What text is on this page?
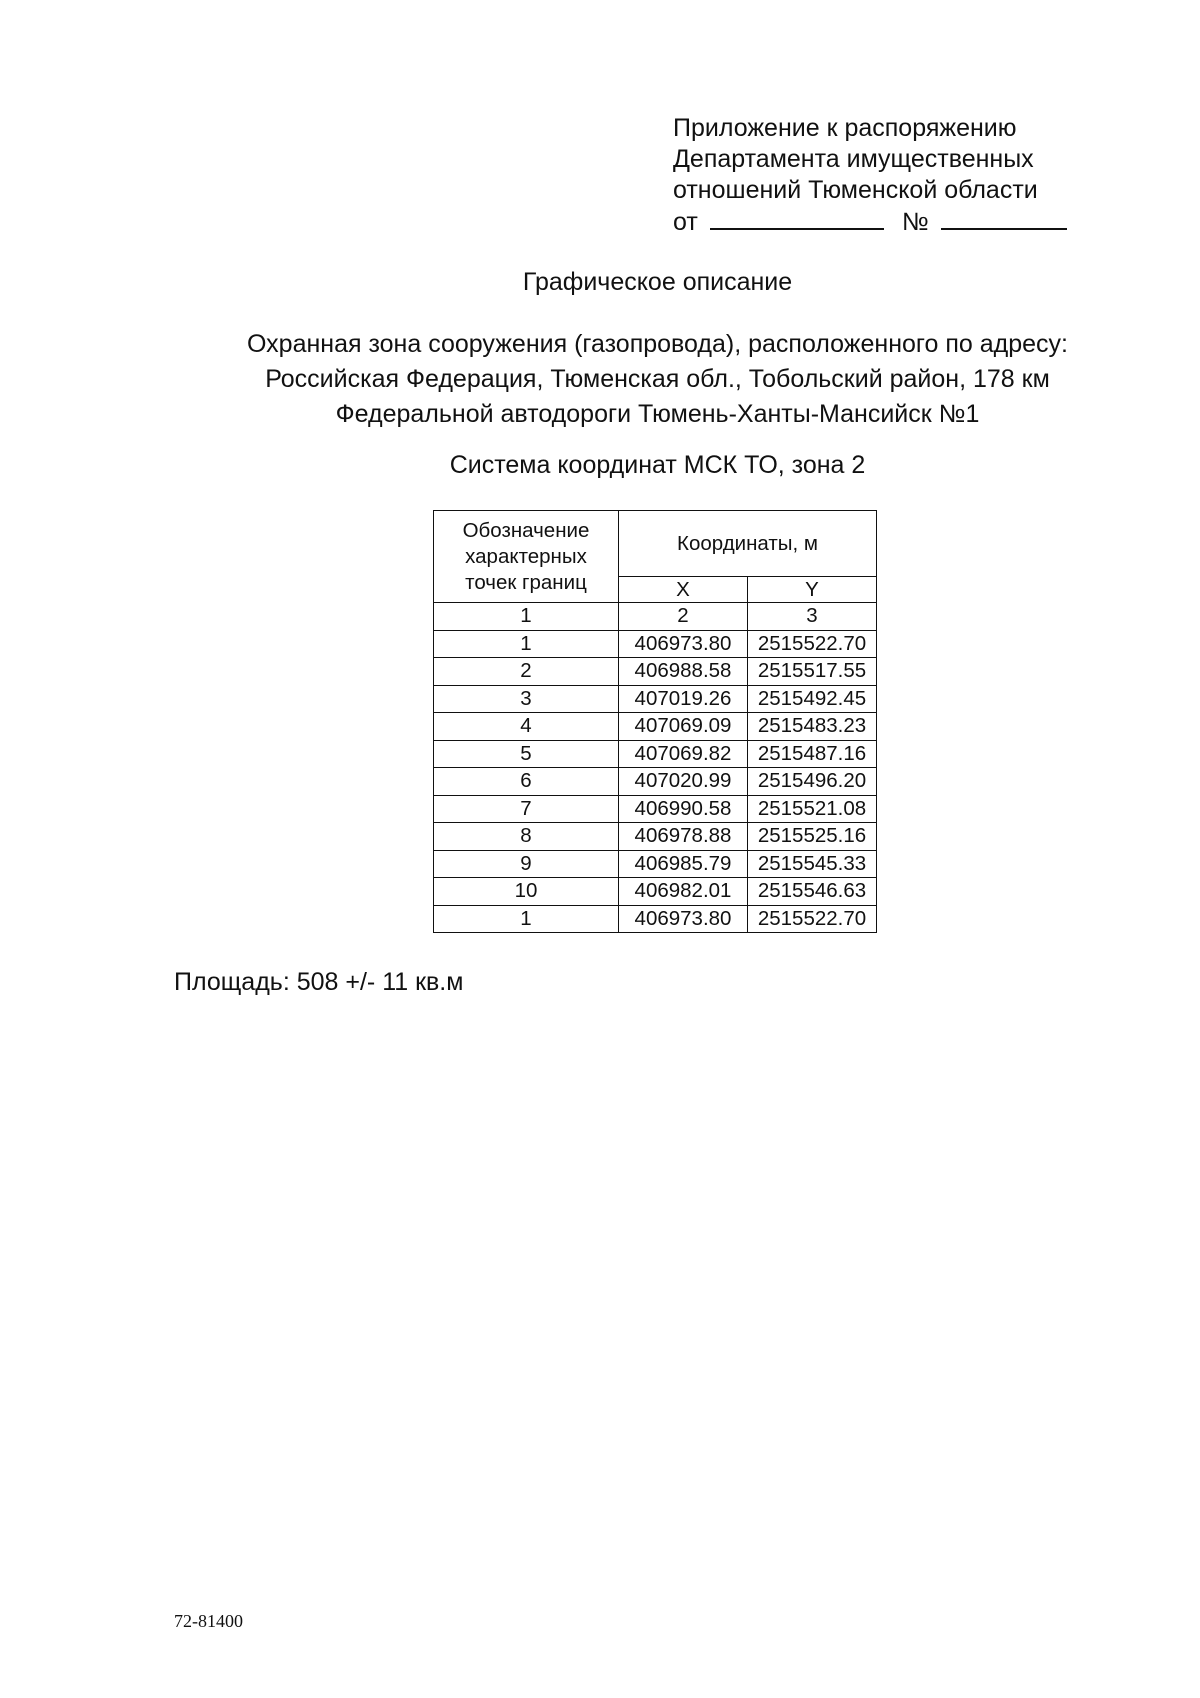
Приложение к распоряжению
Департамента имущественных
отношений Тюменской области
от	№
Графическое описание
Охранная зона сооружения (газопровода), расположенного по адресу:
Российская Федерация, Тюменская обл., Тобольский район, 178 км
Федеральной автодороги Тюмень-Ханты-Мансийск №1
Система координат МСК ТО, зона 2
Обозначение характерных точек границ	Координаты, м	
	X	Y
1	2	3
1	406973.80	2515522.70
2	406988.58	2515517.55
3	407019.26	2515492.45
4	407069.09	2515483.23
5	407069.82	2515487.16
6	407020.99	2515496.20
7	406990.58	2515521.08
8	406978.88	2515525.16
9	406985.79	2515545.33
10	406982.01	2515546.63
1	406973.80	2515522.70
Площадь: 508 +/- 11 кв.м
72-81400
